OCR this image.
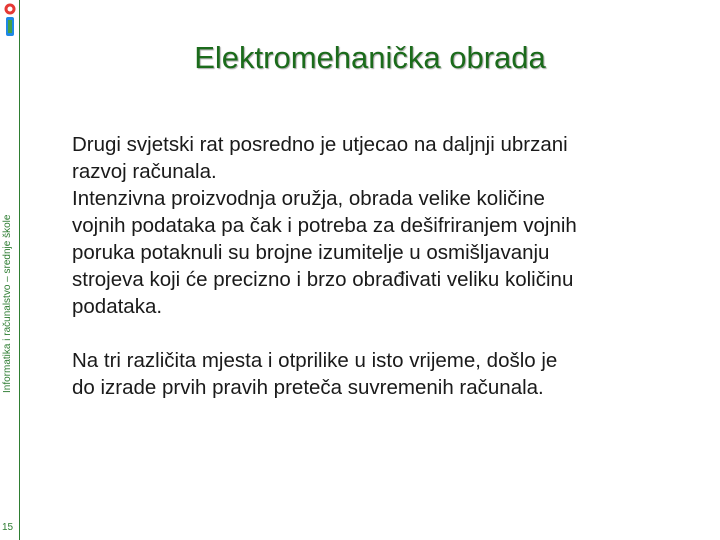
Informatika i računalstvo – srednje škole
15
Elektromehanička obrada

Drugi svjetski rat posredno je utjecao na daljnji ubrzani
razvoj računala.
Intenzivna proizvodnja oružja, obrada velike količine
vojnih podataka pa čak i potreba za dešifriranjem vojnih
poruka potaknuli su brojne izumitelje u osmišljavanju
strojeva koji će precizno i brzo obrađivati veliku količinu
podataka.

Na tri različita mjesta i otprilike u isto vrijeme, došlo je
do izrade prvih pravih preteča suvremenih računala.
